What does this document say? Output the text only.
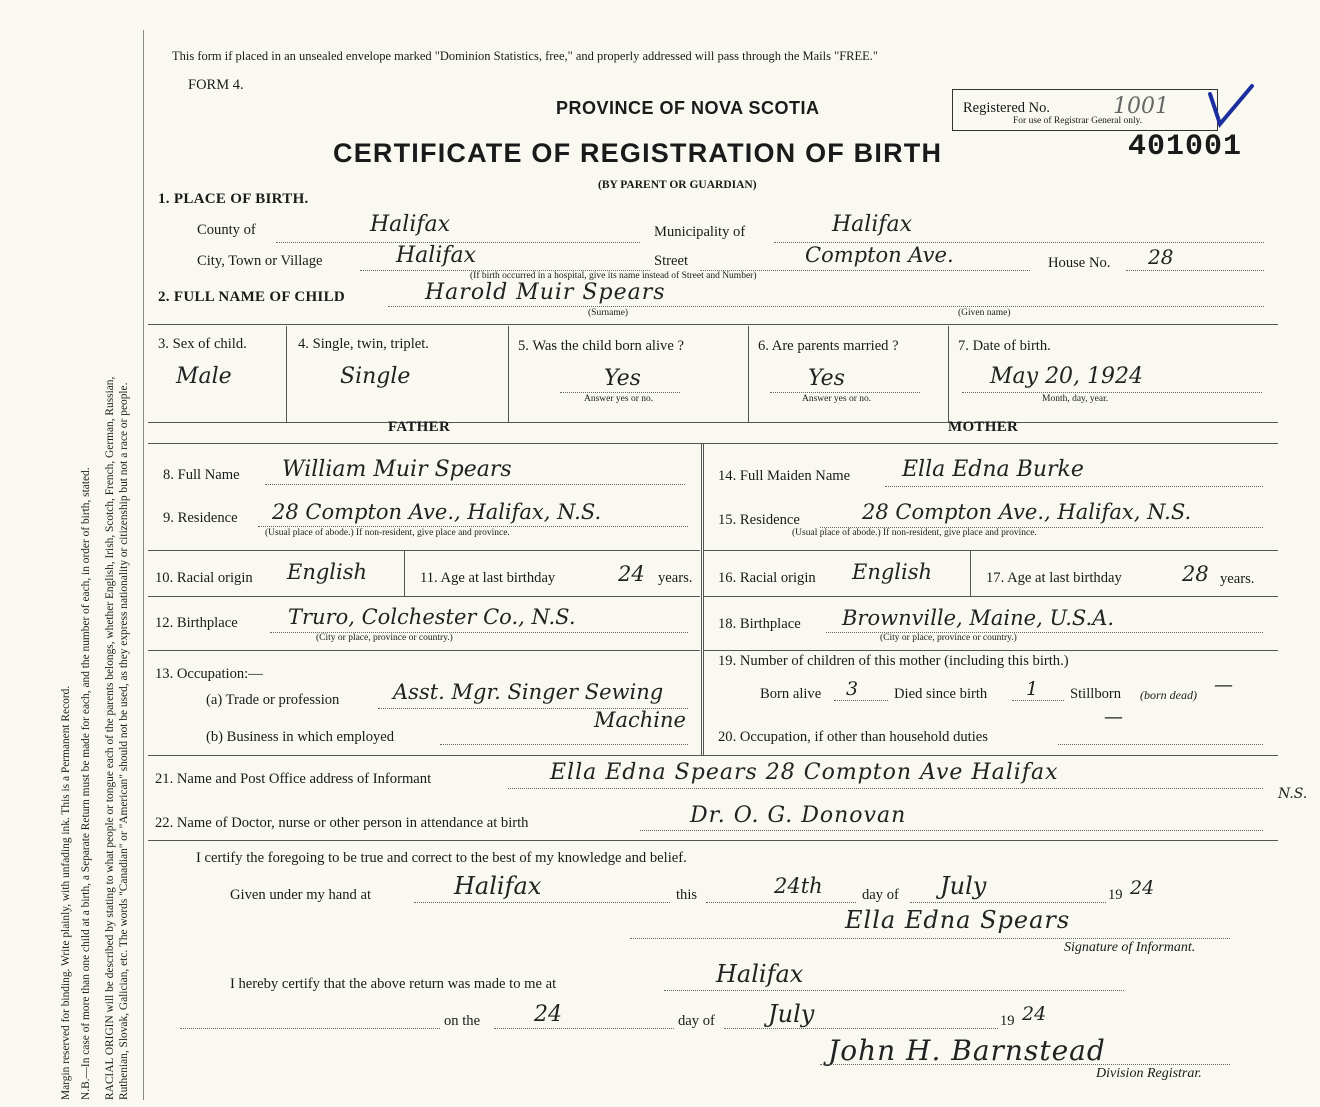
Margin reserved for binding. Write plainly, with unfading ink. This is a Permanent Record. N.B.—In case of more than one child at a birth, a Separate Return must be made for each, and the number of each, in order of birth, stated. RACIAL ORIGIN will be described by stating to what people or tongue each of the parents belongs, whether English, Irish, Scotch, French, German, Russian, Ruthenian, Slovak, Galician, etc. The words "Canadian" or "American" should not be used, as they express nationality or citizenship but not a race or people.
This form if placed in an unsealed envelope marked "Dominion Statistics, free," and properly addressed will pass through the Mails "FREE."
FORM 4.
PROVINCE OF NOVA SCOTIA
CERTIFICATE OF REGISTRATION OF BIRTH
(BY PARENT OR GUARDIAN)
Registered No.
For use of Registrar General only.
1001
401001
1. PLACE OF BIRTH.
County of	Halifax	Municipality of	Halifax
City, Town or Village	Halifax	Street	Compton Ave.	House No. 28
(If birth occurred in a hospital, give its name instead of Street and Number)
2. FULL NAME OF CHILD	Harold Muir Spears
(Surname)	(Given name)
3. Sex of child.
Male
4. Single, twin, triplet.
Single
5. Was the child born alive ?
Yes
Answer yes or no.
6. Are parents married ?
Yes
Answer yes or no.
7. Date of birth.
May 20, 1924
Month, day, year.
FATHER	MOTHER
8. Full Name William Muir Spears
9. Residence 28 Compton Ave., Halifax, N.S.
(Usual place of abode.) If non-resident, give place and province.
10. Racial origin English	11. Age at last birthday	24 years.
12. Birthplace Truro, Colchester Co., N.S.
(City or place, province or country.)
13. Occupation:—
(a) Trade or profession	Asst. Mgr. Singer Sewing
Machine
(b) Business in which employed
14. Full Maiden Name Ella Edna Burke
15. Residence	28 Compton Ave., Halifax, N.S.
(Usual place of abode.) If non-resident, give place and province.
16. Racial origin English	17. Age at last birthday	28 years.
18. Birthplace Brownville, Maine, U.S.A.
(City or place, province or country.)
19. Number of children of this mother (including this birth.)
Born alive 3 Died since birth 1 Stillborn (born dead) —
20. Occupation, if other than household duties
—
21. Name and Post Office address of Informant	Ella Edna Spears 28 Compton Ave Halifax
N.S.
22. Name of Doctor, nurse or other person in attendance at birth	Dr. O. G. Donovan
I certify the foregoing to be true and correct to the best of my knowledge and belief.
Given under my hand at	Halifax	this	24th	day of July	19 24
Ella Edna Spears
Signature of Informant.
I hereby certify that the above return was made to me at	Halifax
on the 24	day of July	19 24
John H. Barnstead
Division Registrar.
